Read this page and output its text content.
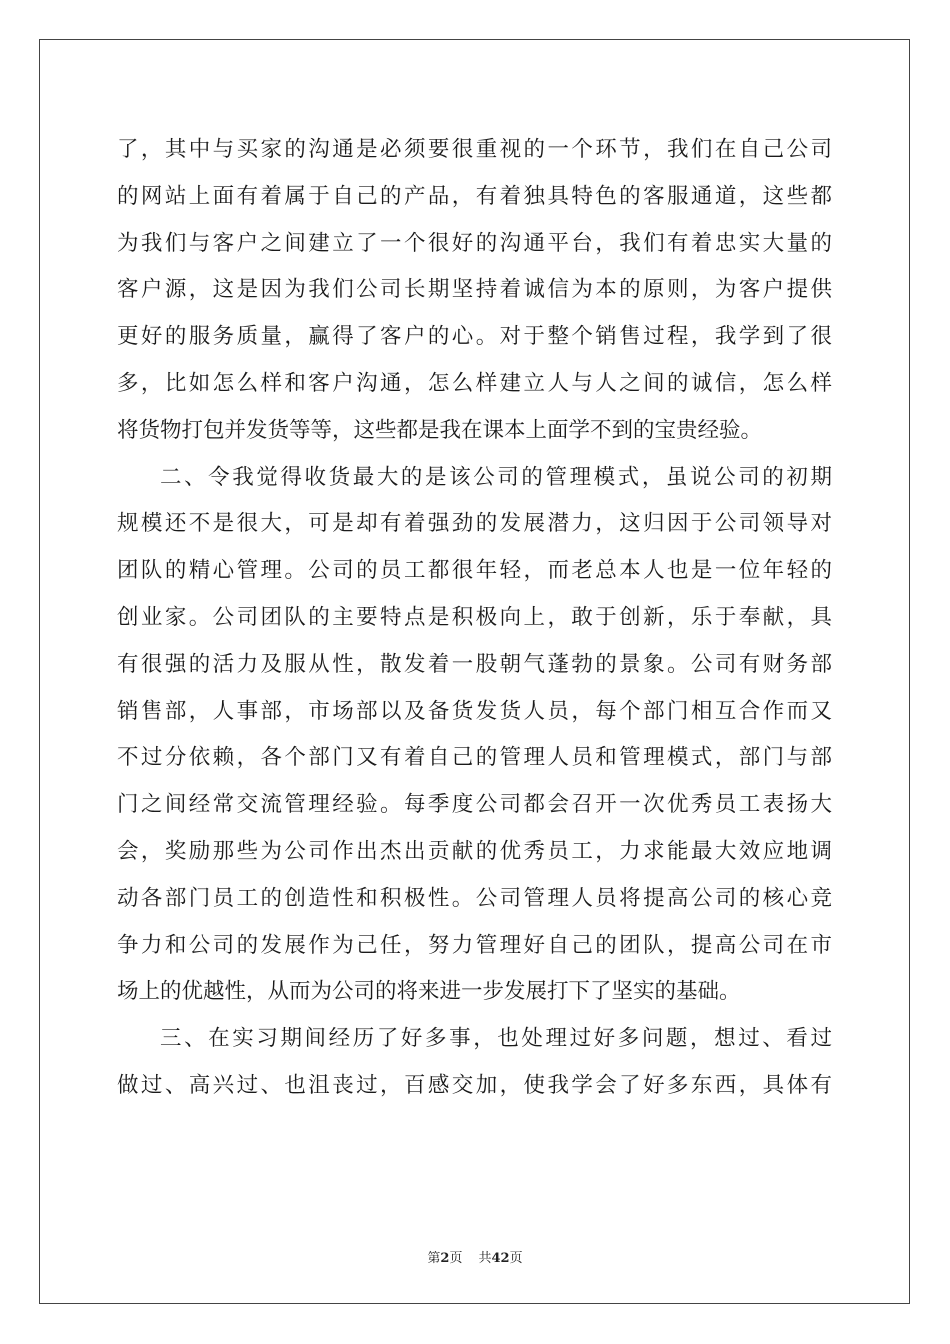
了，其中与买家的沟通是必须要很重视的一个环节，我们在自己公司
的网站上面有着属于自己的产品，有着独具特色的客服通道，这些都
为我们与客户之间建立了一个很好的沟通平台，我们有着忠实大量的
客户源，这是因为我们公司长期坚持着诚信为本的原则，为客户提供
更好的服务质量，赢得了客户的心。对于整个销售过程，我学到了很
多，比如怎么样和客户沟通，怎么样建立人与人之间的诚信，怎么样
将货物打包并发货等等，这些都是我在课本上面学不到的宝贵经验。
二、令我觉得收货最大的是该公司的管理模式，虽说公司的初期
规模还不是很大，可是却有着强劲的发展潜力，这归因于公司领导对
团队的精心管理。公司的员工都很年轻，而老总本人也是一位年轻的
创业家。公司团队的主要特点是积极向上，敢于创新，乐于奉献，具
有很强的活力及服从性，散发着一股朝气蓬勃的景象。公司有财务部
销售部，人事部，市场部以及备货发货人员，每个部门相互合作而又
不过分依赖，各个部门又有着自己的管理人员和管理模式，部门与部
门之间经常交流管理经验。每季度公司都会召开一次优秀员工表扬大
会，奖励那些为公司作出杰出贡献的优秀员工，力求能最大效应地调
动各部门员工的创造性和积极性。公司管理人员将提高公司的核心竞
争力和公司的发展作为己任，努力管理好自己的团队，提高公司在市
场上的优越性，从而为公司的将来进一步发展打下了坚实的基础。
三、在实习期间经历了好多事，也处理过好多问题，想过、看过
做过、高兴过、也沮丧过，百感交加，使我学会了好多东西，具体有
第2页 共42页
